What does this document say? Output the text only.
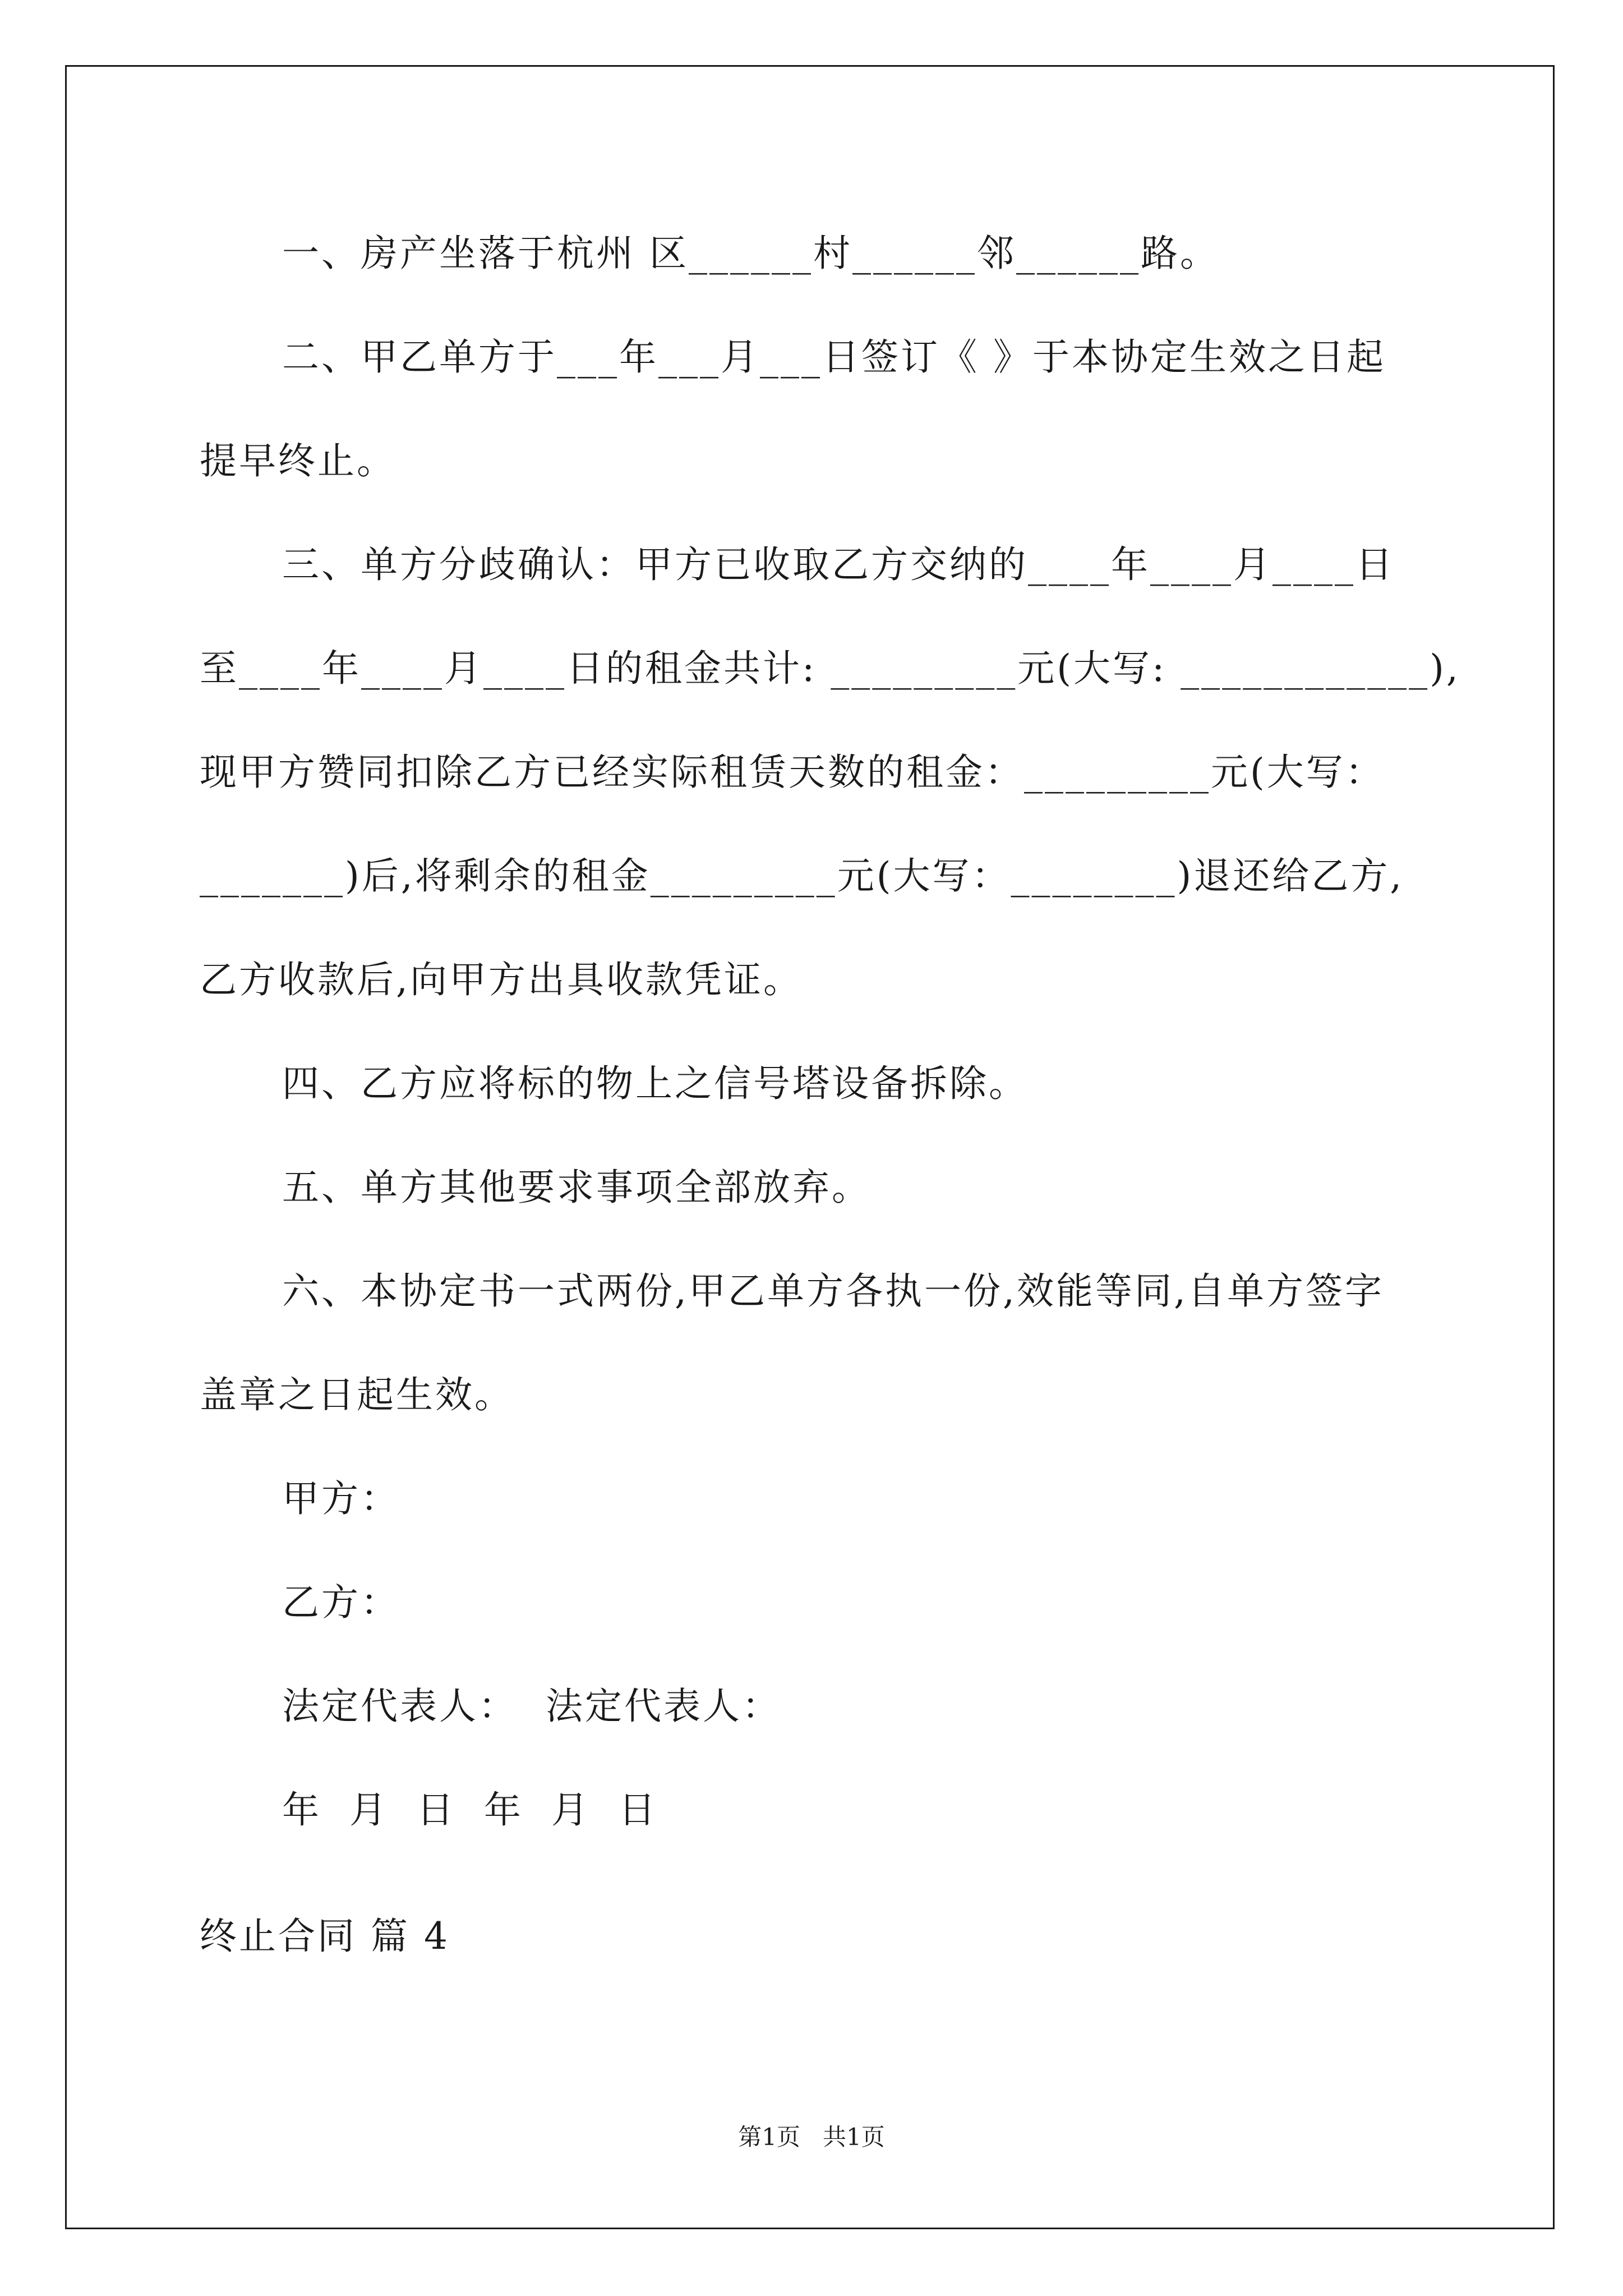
一、房产坐落于杭州 区______村______邻______路。
二、甲乙单方于___年___月___日签订《 》于本协定生效之日起
提早终止。
三、单方分歧确认：甲方已收取乙方交纳的____年____月____日
至____年____月____日的租金共计: _________元(大写: ____________),
现甲方赞同扣除乙方已经实际租赁天数的租金：_________元(大写：
_______)后,将剩余的租金_________元(大写：________)退还给乙方,
乙方收款后,向甲方出具收款凭证。
四、乙方应将标的物上之信号塔设备拆除。
五、单方其他要求事项全部放弃。
六、本协定书一式两份,甲乙单方各执一份,效能等同,自单方签字
盖章之日起生效。
甲方：
乙方：
法定代表人：  法定代表人：
年  月  日  年  月  日
终止合同 篇 4
第1页   共1页
